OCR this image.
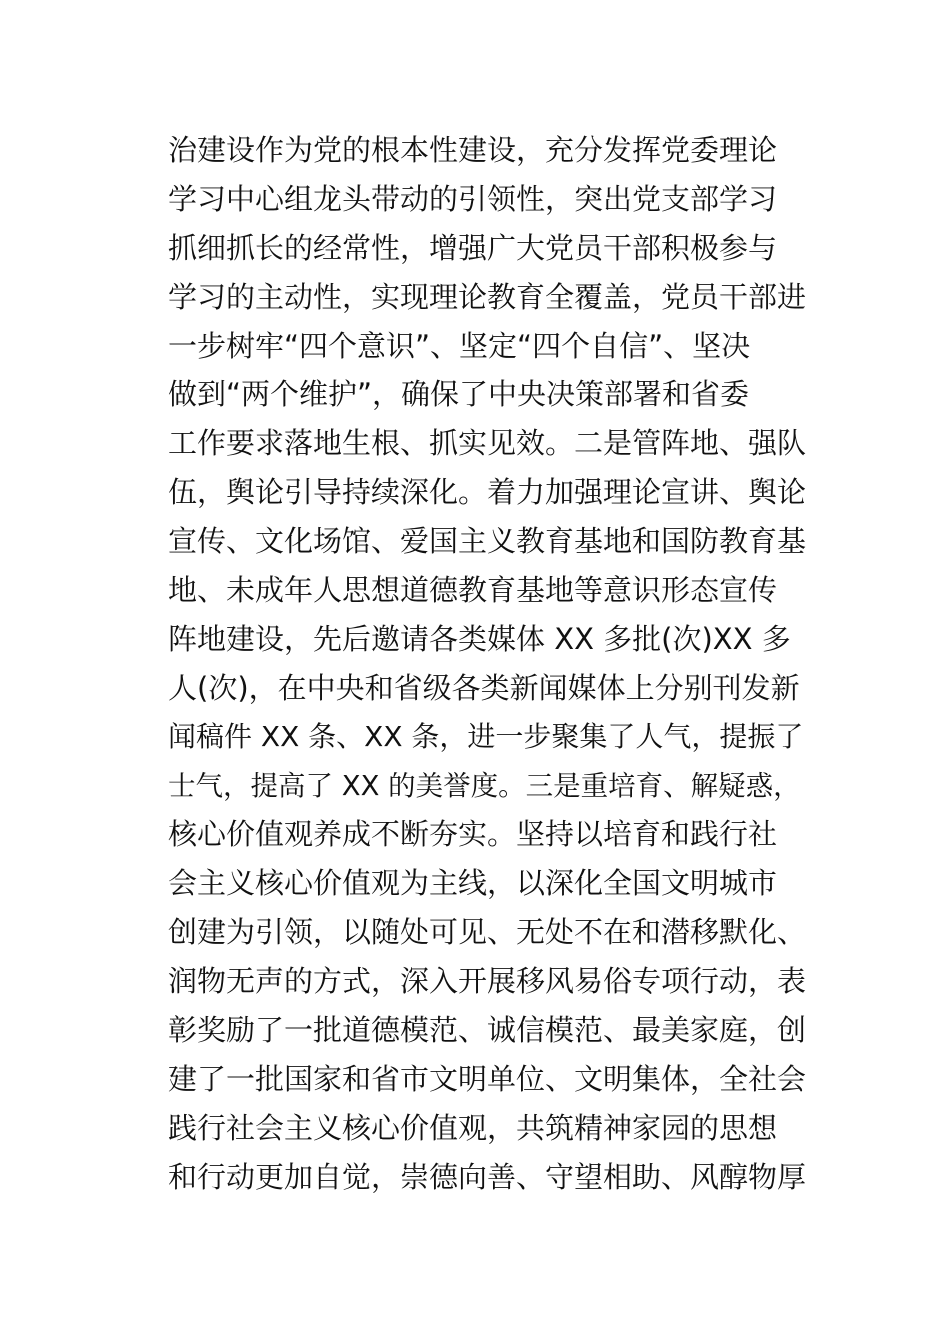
治建设作为党的根本性建设，充分发挥党委理论
学习中心组龙头带动的引领性，突出党支部学习
抓细抓长的经常性，增强广大党员干部积极参与
学习的主动性，实现理论教育全覆盖，党员干部进
一步树牢“四个意识”、坚定“四个自信”、坚决
做到“两个维护”，确保了中央决策部署和省委
工作要求落地生根、抓实见效。二是管阵地、强队
伍，舆论引导持续深化。着力加强理论宣讲、舆论
宣传、文化场馆、爱国主义教育基地和国防教育基
地、未成年人思想道德教育基地等意识形态宣传
阵地建设，先后邀请各类媒体 XX 多批(次)XX 多
人(次)，在中央和省级各类新闻媒体上分别刊发新
闻稿件 XX 条、XX 条，进一步聚集了人气，提振了
士气，提高了 XX 的美誉度。三是重培育、解疑惑，
核心价值观养成不断夯实。坚持以培育和践行社
会主义核心价值观为主线，以深化全国文明城市
创建为引领，以随处可见、无处不在和潜移默化、
润物无声的方式，深入开展移风易俗专项行动，表
彰奖励了一批道德模范、诚信模范、最美家庭，创
建了一批国家和省市文明单位、文明集体，全社会
践行社会主义核心价值观，共筑精神家园的思想
和行动更加自觉，崇德向善、守望相助、风醇物厚
